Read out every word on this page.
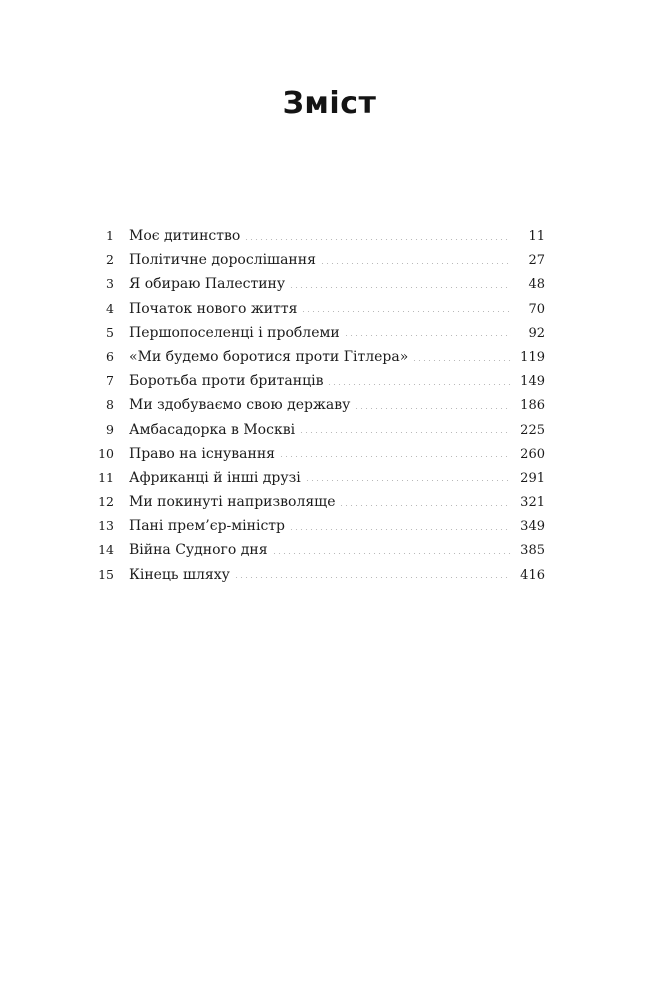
Зміст
1 Моє дитинство	11
2 Політичне дорослішання	27
3 Я обираю Палестину	48
4 Початок нового життя	70
5 Першопоселенці і проблеми	92
6 «Ми будемо боротися проти Гітлера»	119
7 Боротьба проти британців	149
8 Ми здобуваємо свою державу	186
9 Амбасадорка в Москві	225
10 Право на існування	260
11 Африканці й інші друзі	291
12 Ми покинуті напризволяще	321
13 Пані прем’єр-міністр	349
14 Війна Судного дня	385
15 Кінець шляху	416
